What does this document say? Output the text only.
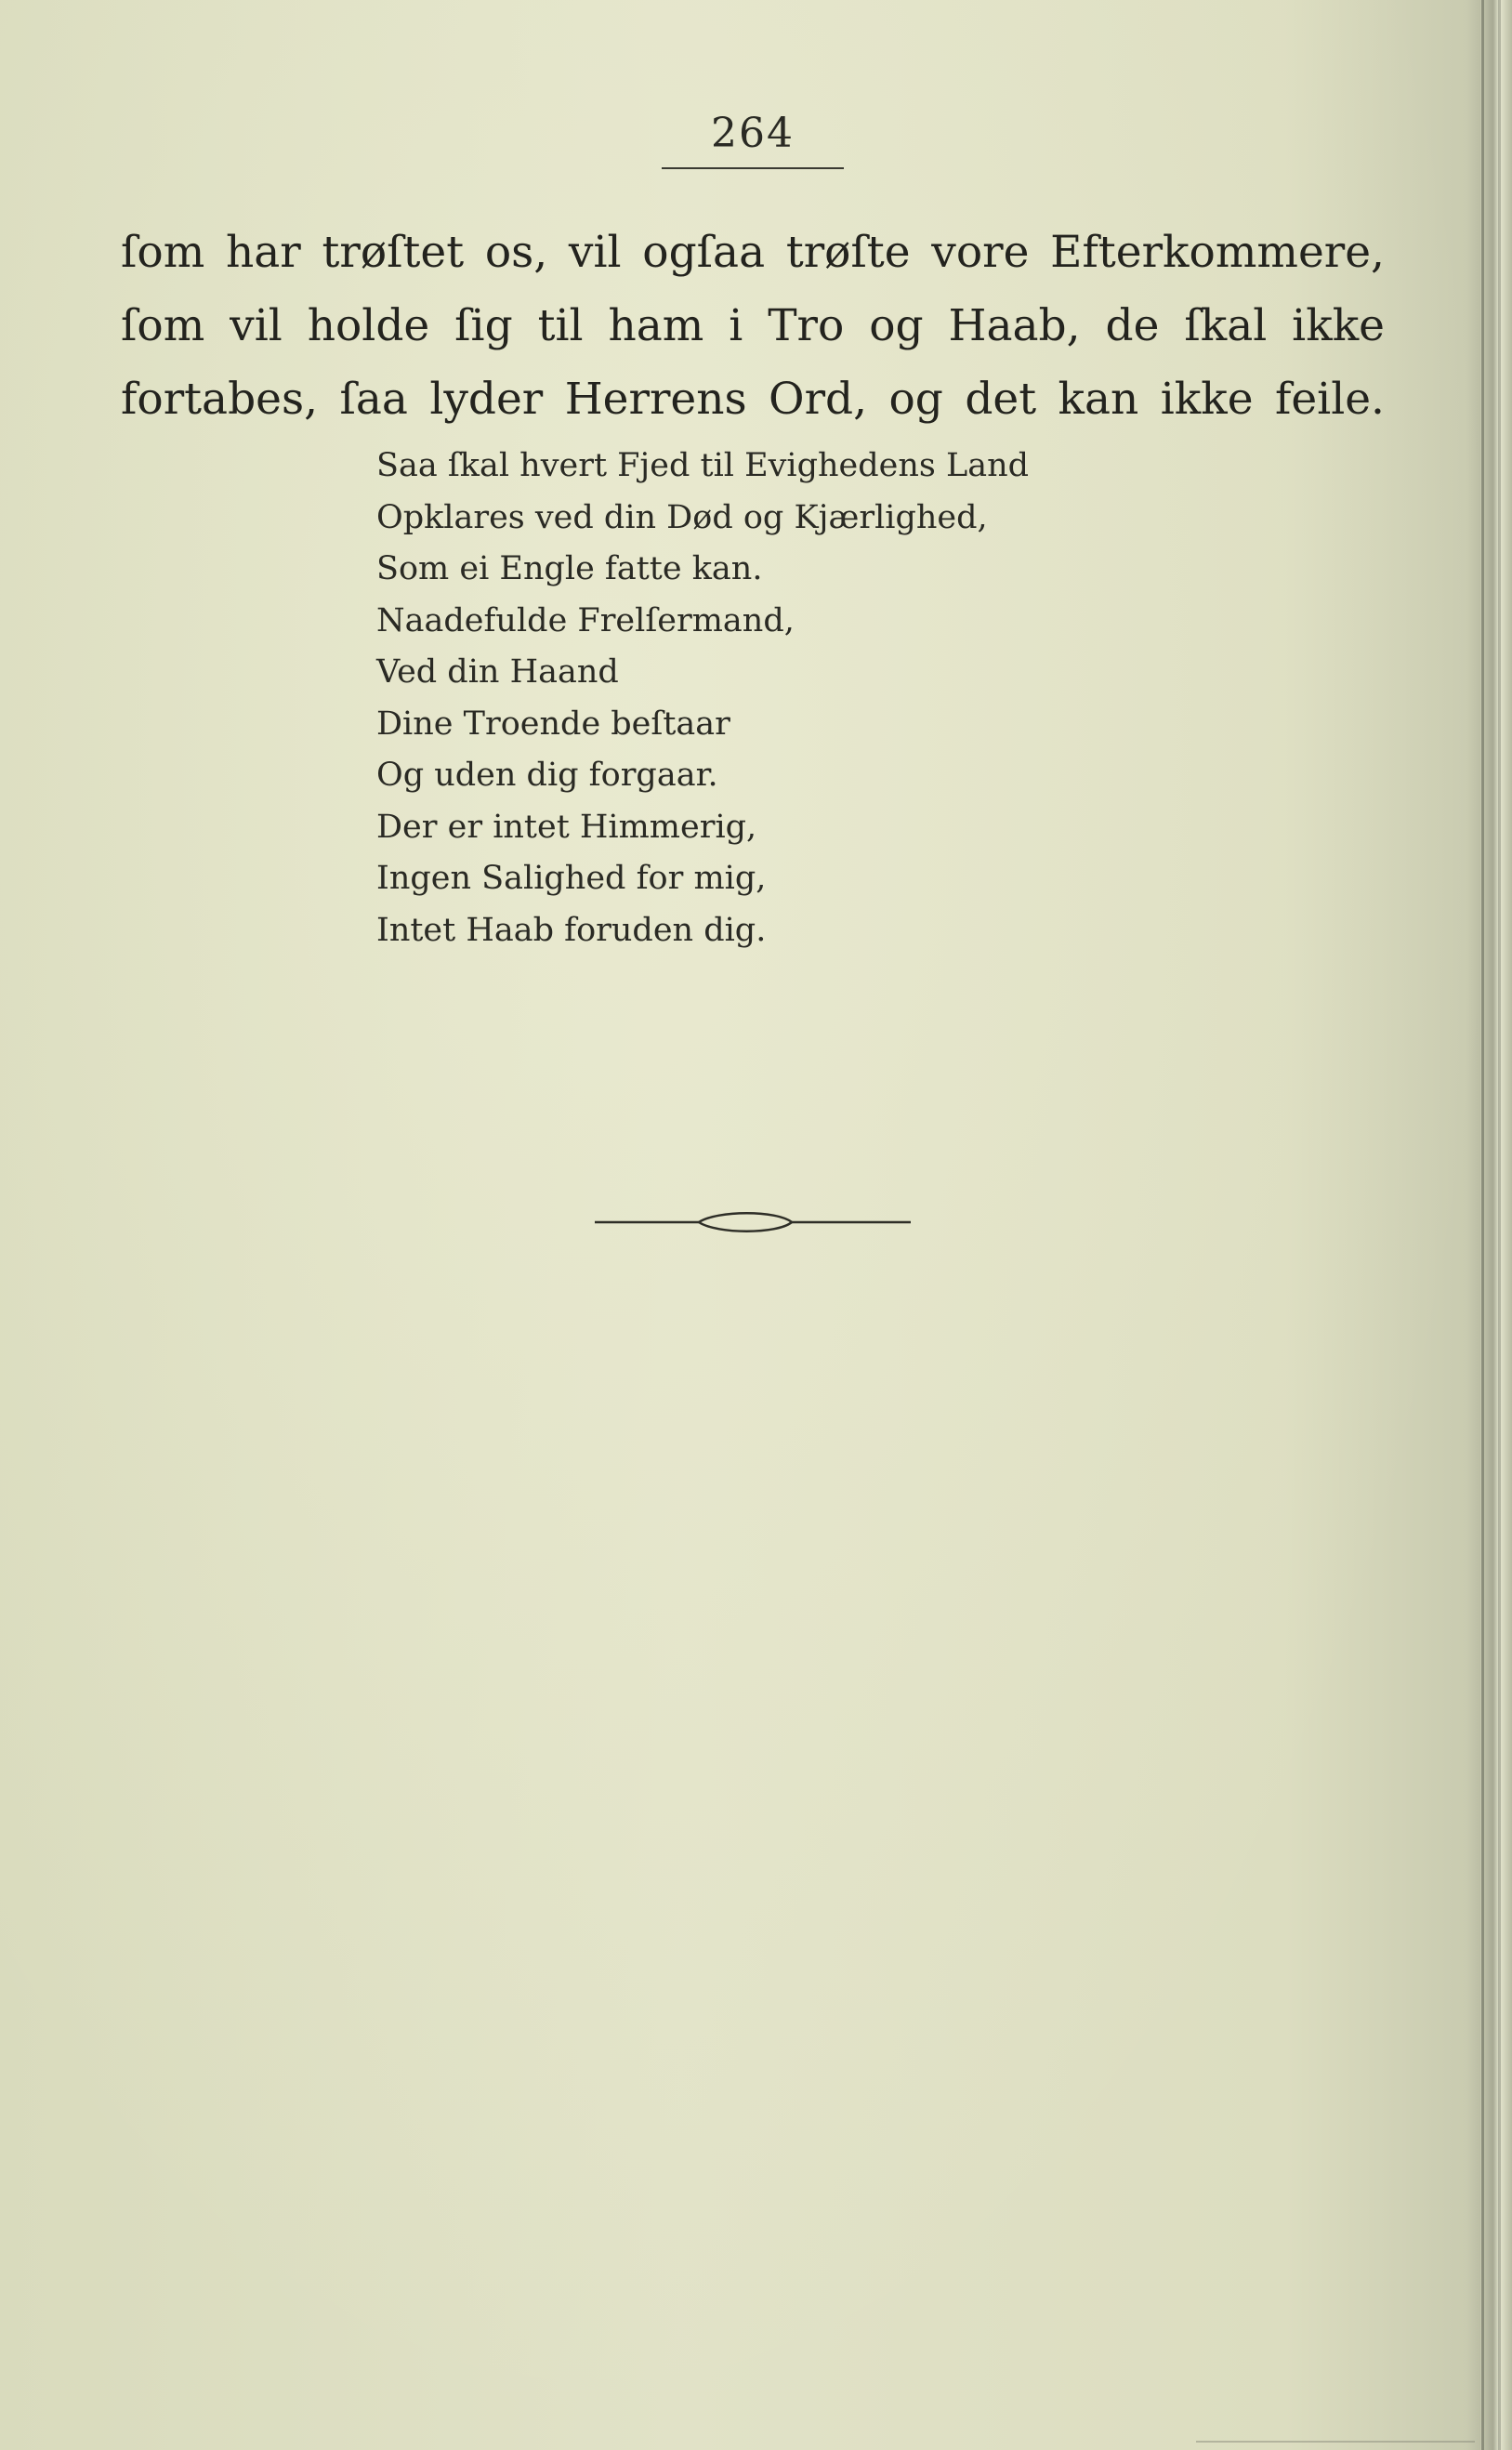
264
ſom har trøſtet os, vil ogſaa trøſte vore Efterkommere,
ſom vil holde ſig til ham i Tro og Haab, de ſkal ikke
fortabes, ſaa lyder Herrens Ord, og det kan ikke feile.
Saa ſkal hvert Fjed til Evighedens Land
Opklares ved din Død og Kjærlighed,
Som ei Engle fatte kan.
Naadefulde Frelſermand,
Ved din Haand
Dine Troende beſtaar
Og uden dig forgaar.
Der er intet Himmerig,
Ingen Salighed for mig,
Intet Haab foruden dig.
